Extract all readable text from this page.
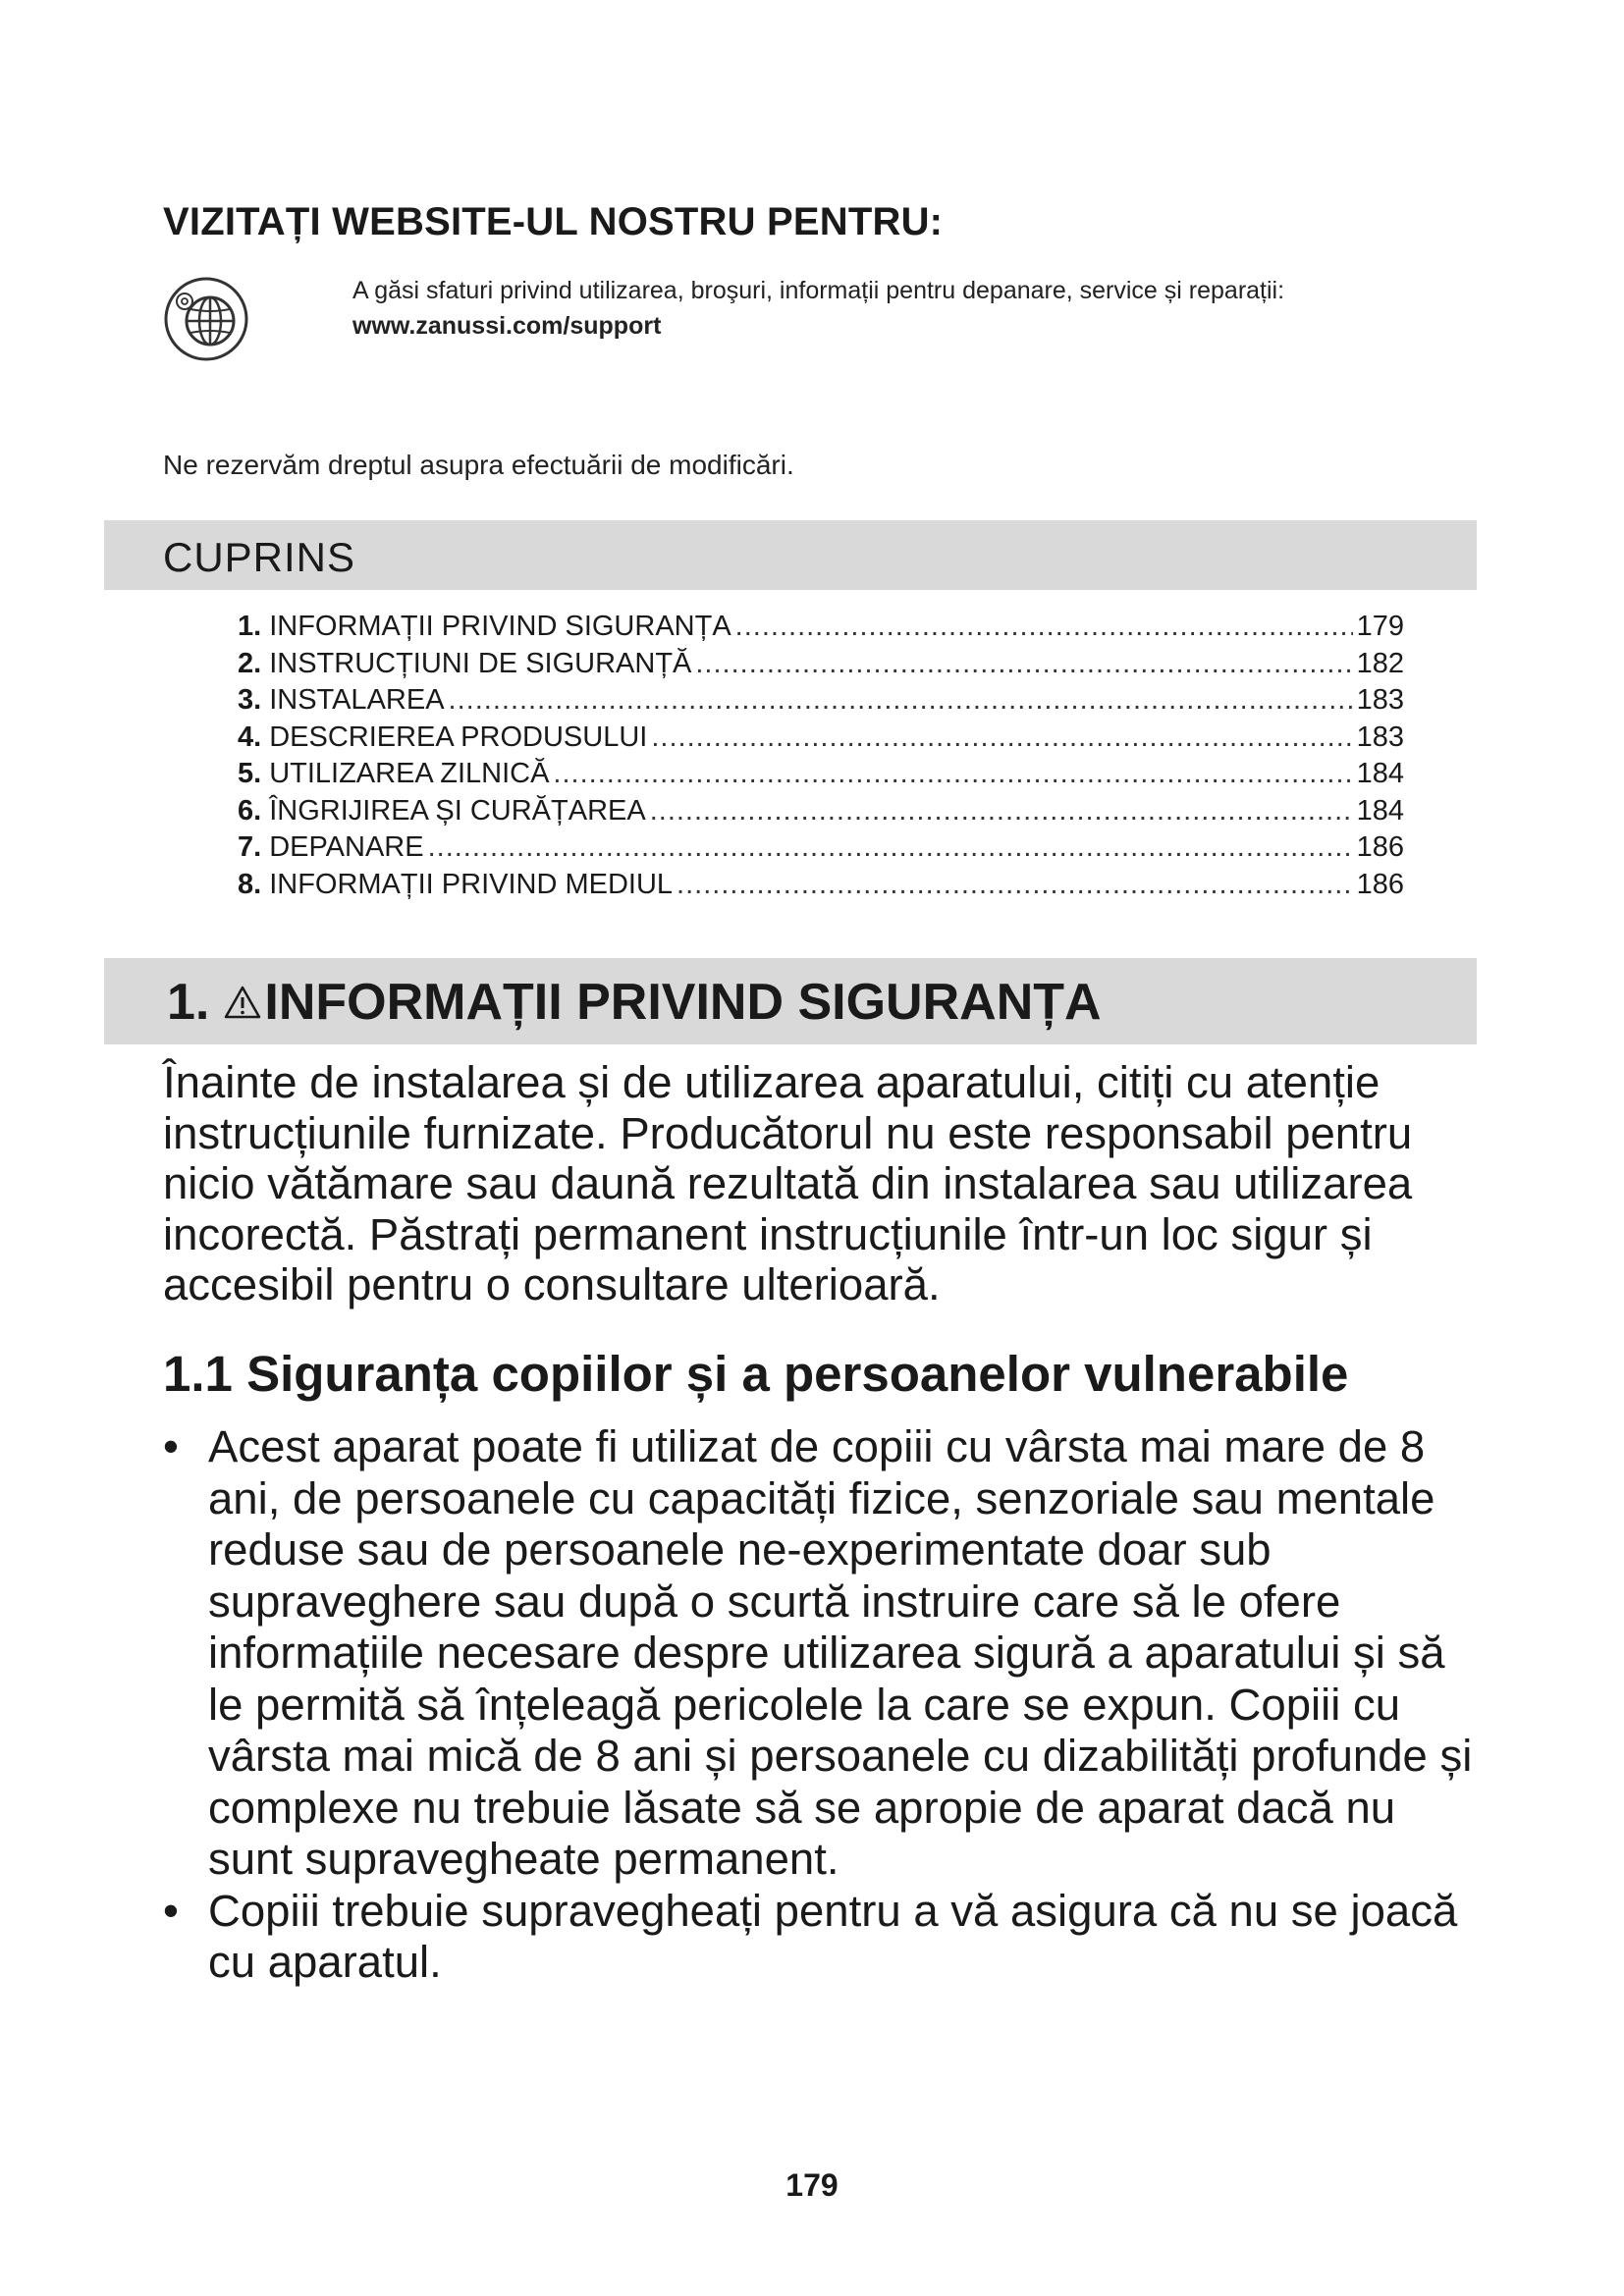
VIZITAȚI WEBSITE-UL NOSTRU PENTRU:
A găsi sfaturi privind utilizarea, broşuri, informații pentru depanare, service și reparații:
www.zanussi.com/support
Ne rezervăm dreptul asupra efectuării de modificări.
CUPRINS
1. INFORMAȚII PRIVIND SIGURANȚA .....	179
2. INSTRUCȚIUNI DE SIGURANȚĂ .....	182
3. INSTALAREA .....	183
4. DESCRIEREA PRODUSULUI .....	183
5. UTILIZAREA ZILNICĂ .....	184
6. ÎNGRIJIREA ȘI CURĂȚAREA .....	184
7. DEPANARE .....	186
8. INFORMAȚII PRIVIND MEDIUL .....	186
1. INFORMAȚII PRIVIND SIGURANȚA

Înainte de instalarea și de utilizarea aparatului, citiți cu atenție instrucțiunile furnizate. Producătorul nu este responsabil pentru nicio vătămare sau daună rezultată din instalarea sau utilizarea incorectă. Păstrați permanent instrucțiunile într-un loc sigur și accesibil pentru o consultare ulterioară.

1.1 Siguranța copiilor și a persoanelor vulnerabile
• Acest aparat poate fi utilizat de copiii cu vârsta mai mare de 8 ani, de persoanele cu capacități fizice, senzoriale sau mentale reduse sau de persoanele ne-experimentate doar sub supraveghere sau după o scurtă instruire care să le ofere informațiile necesare despre utilizarea sigură a aparatului și să le permită să înțeleagă pericolele la care se expun. Copiii cu vârsta mai mică de 8 ani și persoanele cu dizabilități profunde și complexe nu trebuie lăsate să se apropie de aparat dacă nu sunt supravegheate permanent.
• Copiii trebuie supravegheați pentru a vă asigura că nu se joacă cu aparatul.
179
